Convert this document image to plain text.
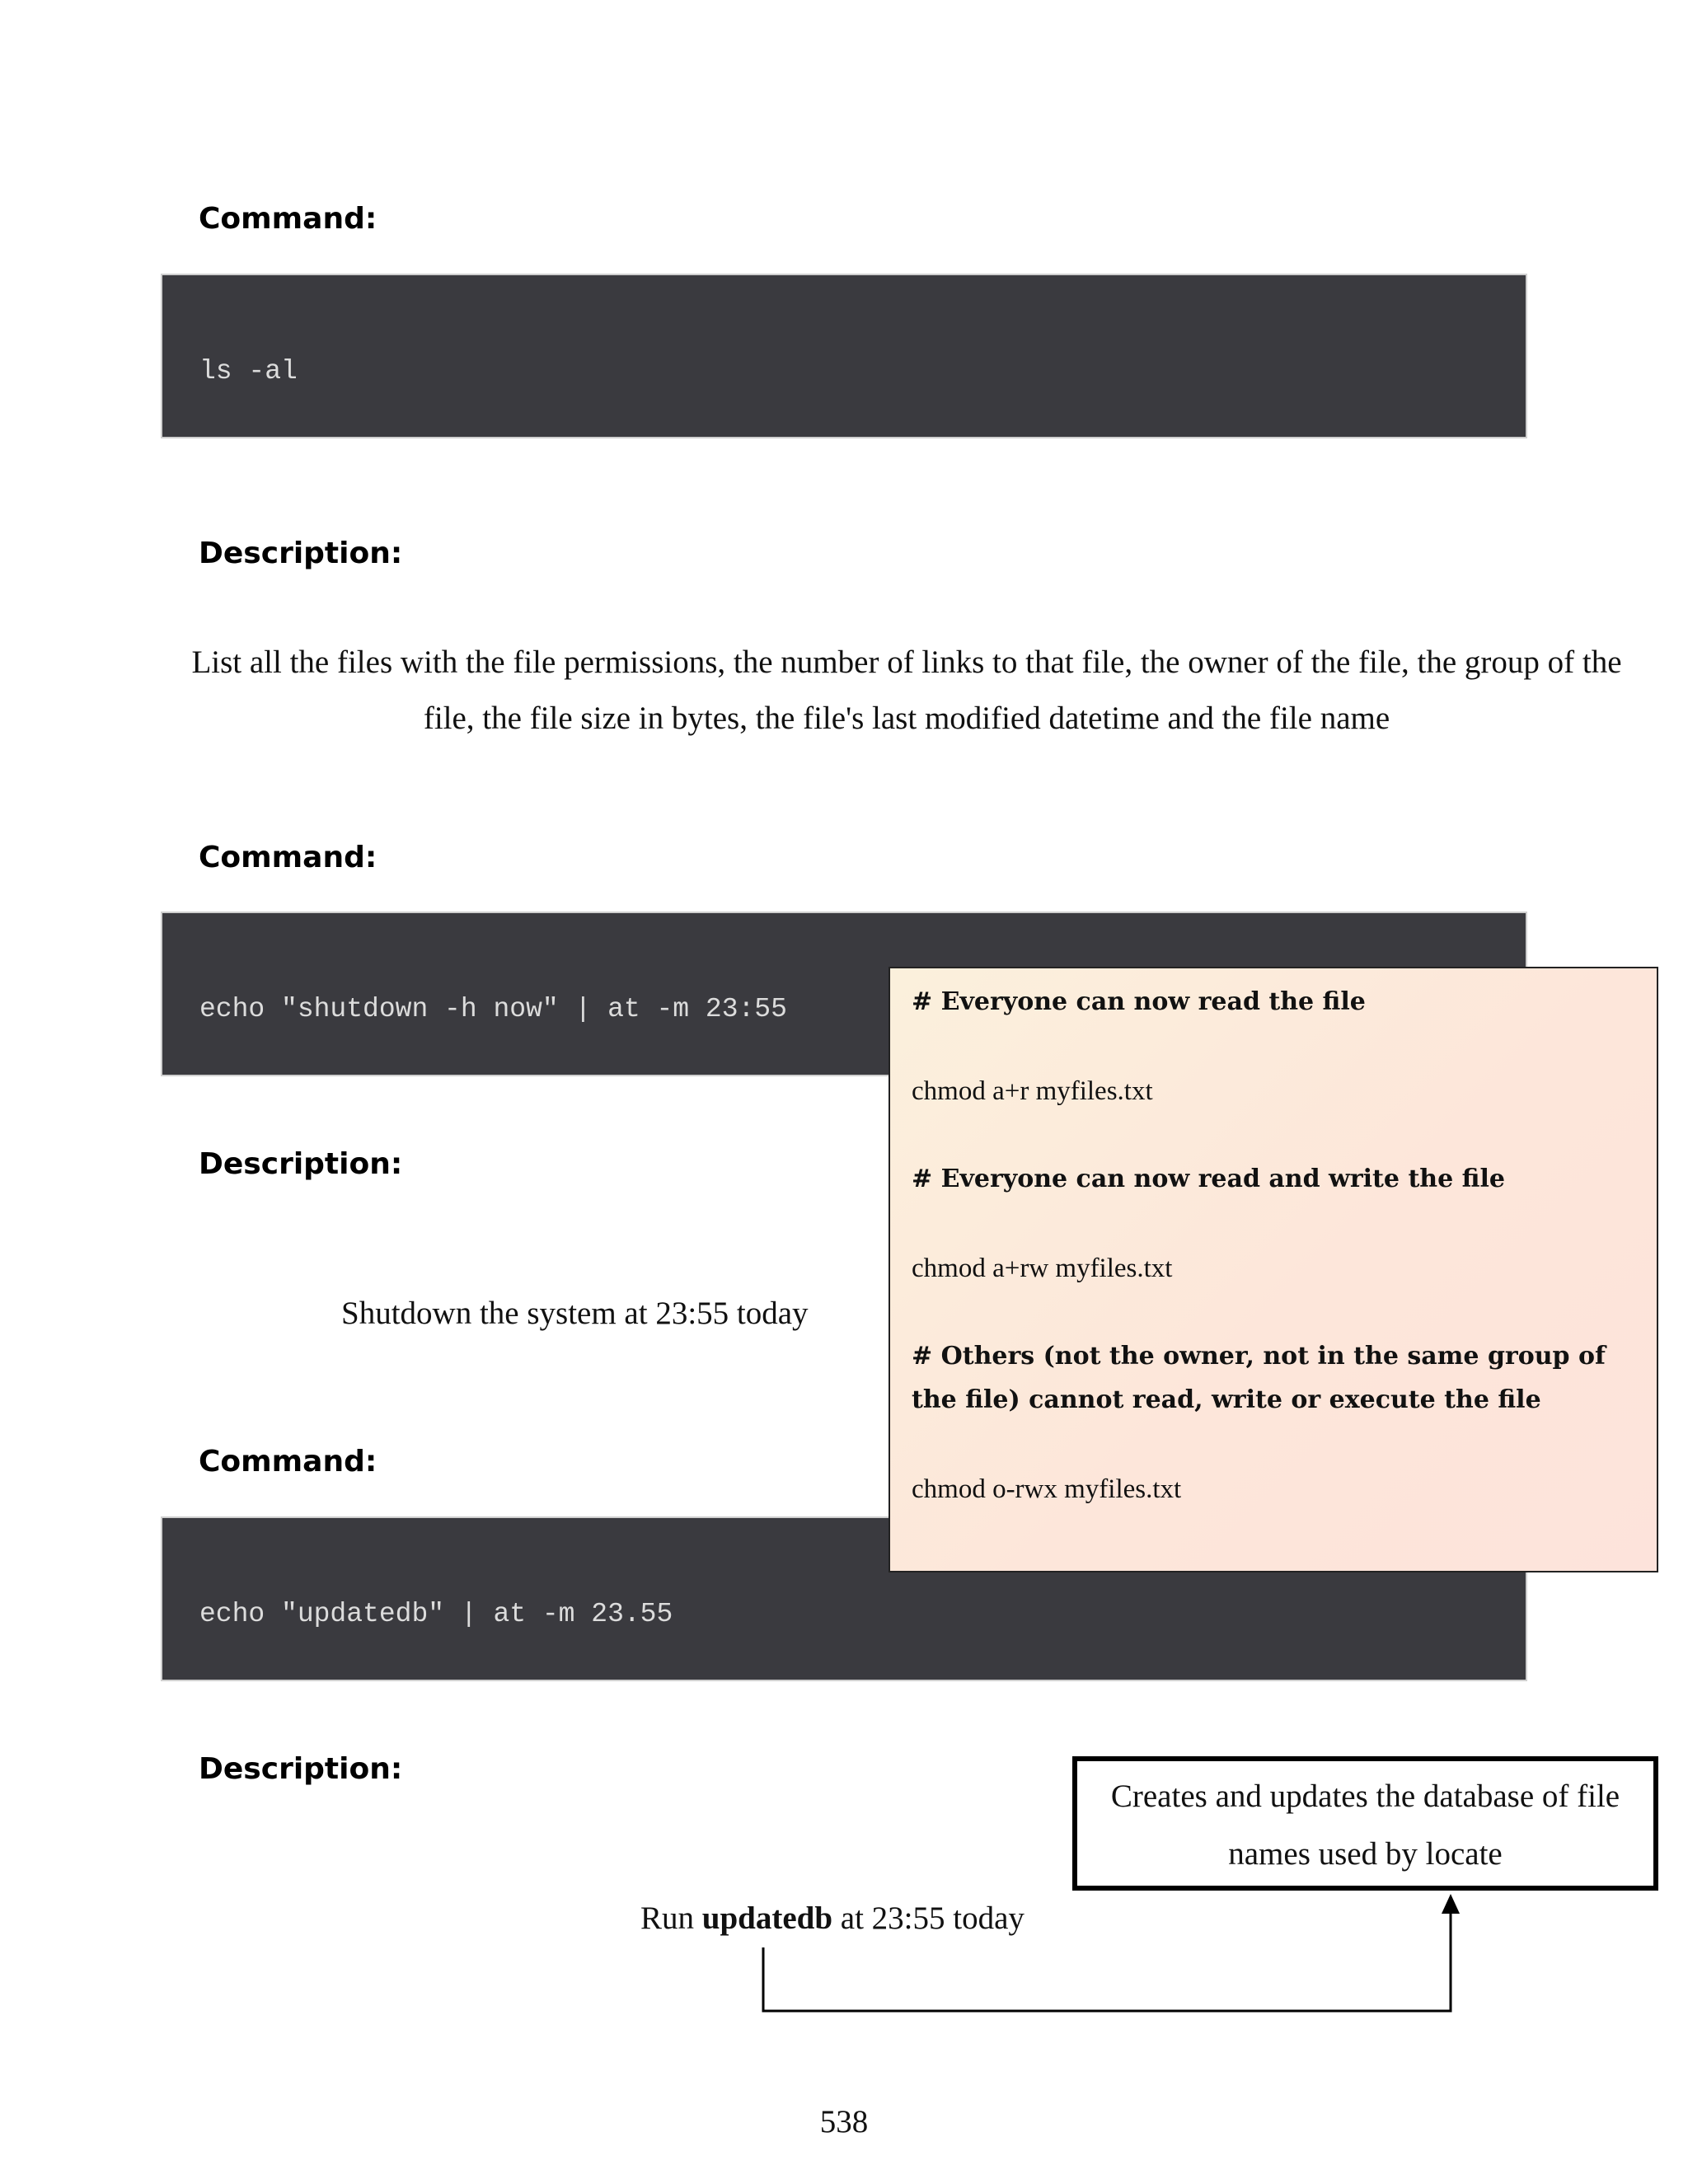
Command:
ls -al
Description:
List all the files with the file permissions, the number of links to that file, the owner of the file, the group of the file, the file size in bytes, the file's last modified datetime and the file name
Command:
echo "shutdown -h now" | at -m 23:55
Description:
Shutdown the system at 23:55 today
Command:
echo "updatedb" | at -m 23.55
Description:
Run updatedb at 23:55 today

# Everyone can now read the file

chmod a+r myfiles.txt

# Everyone can now read and write the file

chmod a+rw myfiles.txt

# Others (not the owner, not in the same group of the file) cannot read, write or execute the file

chmod o-rwx myfiles.txt

Creates and updates the database of file names used by locate
538
